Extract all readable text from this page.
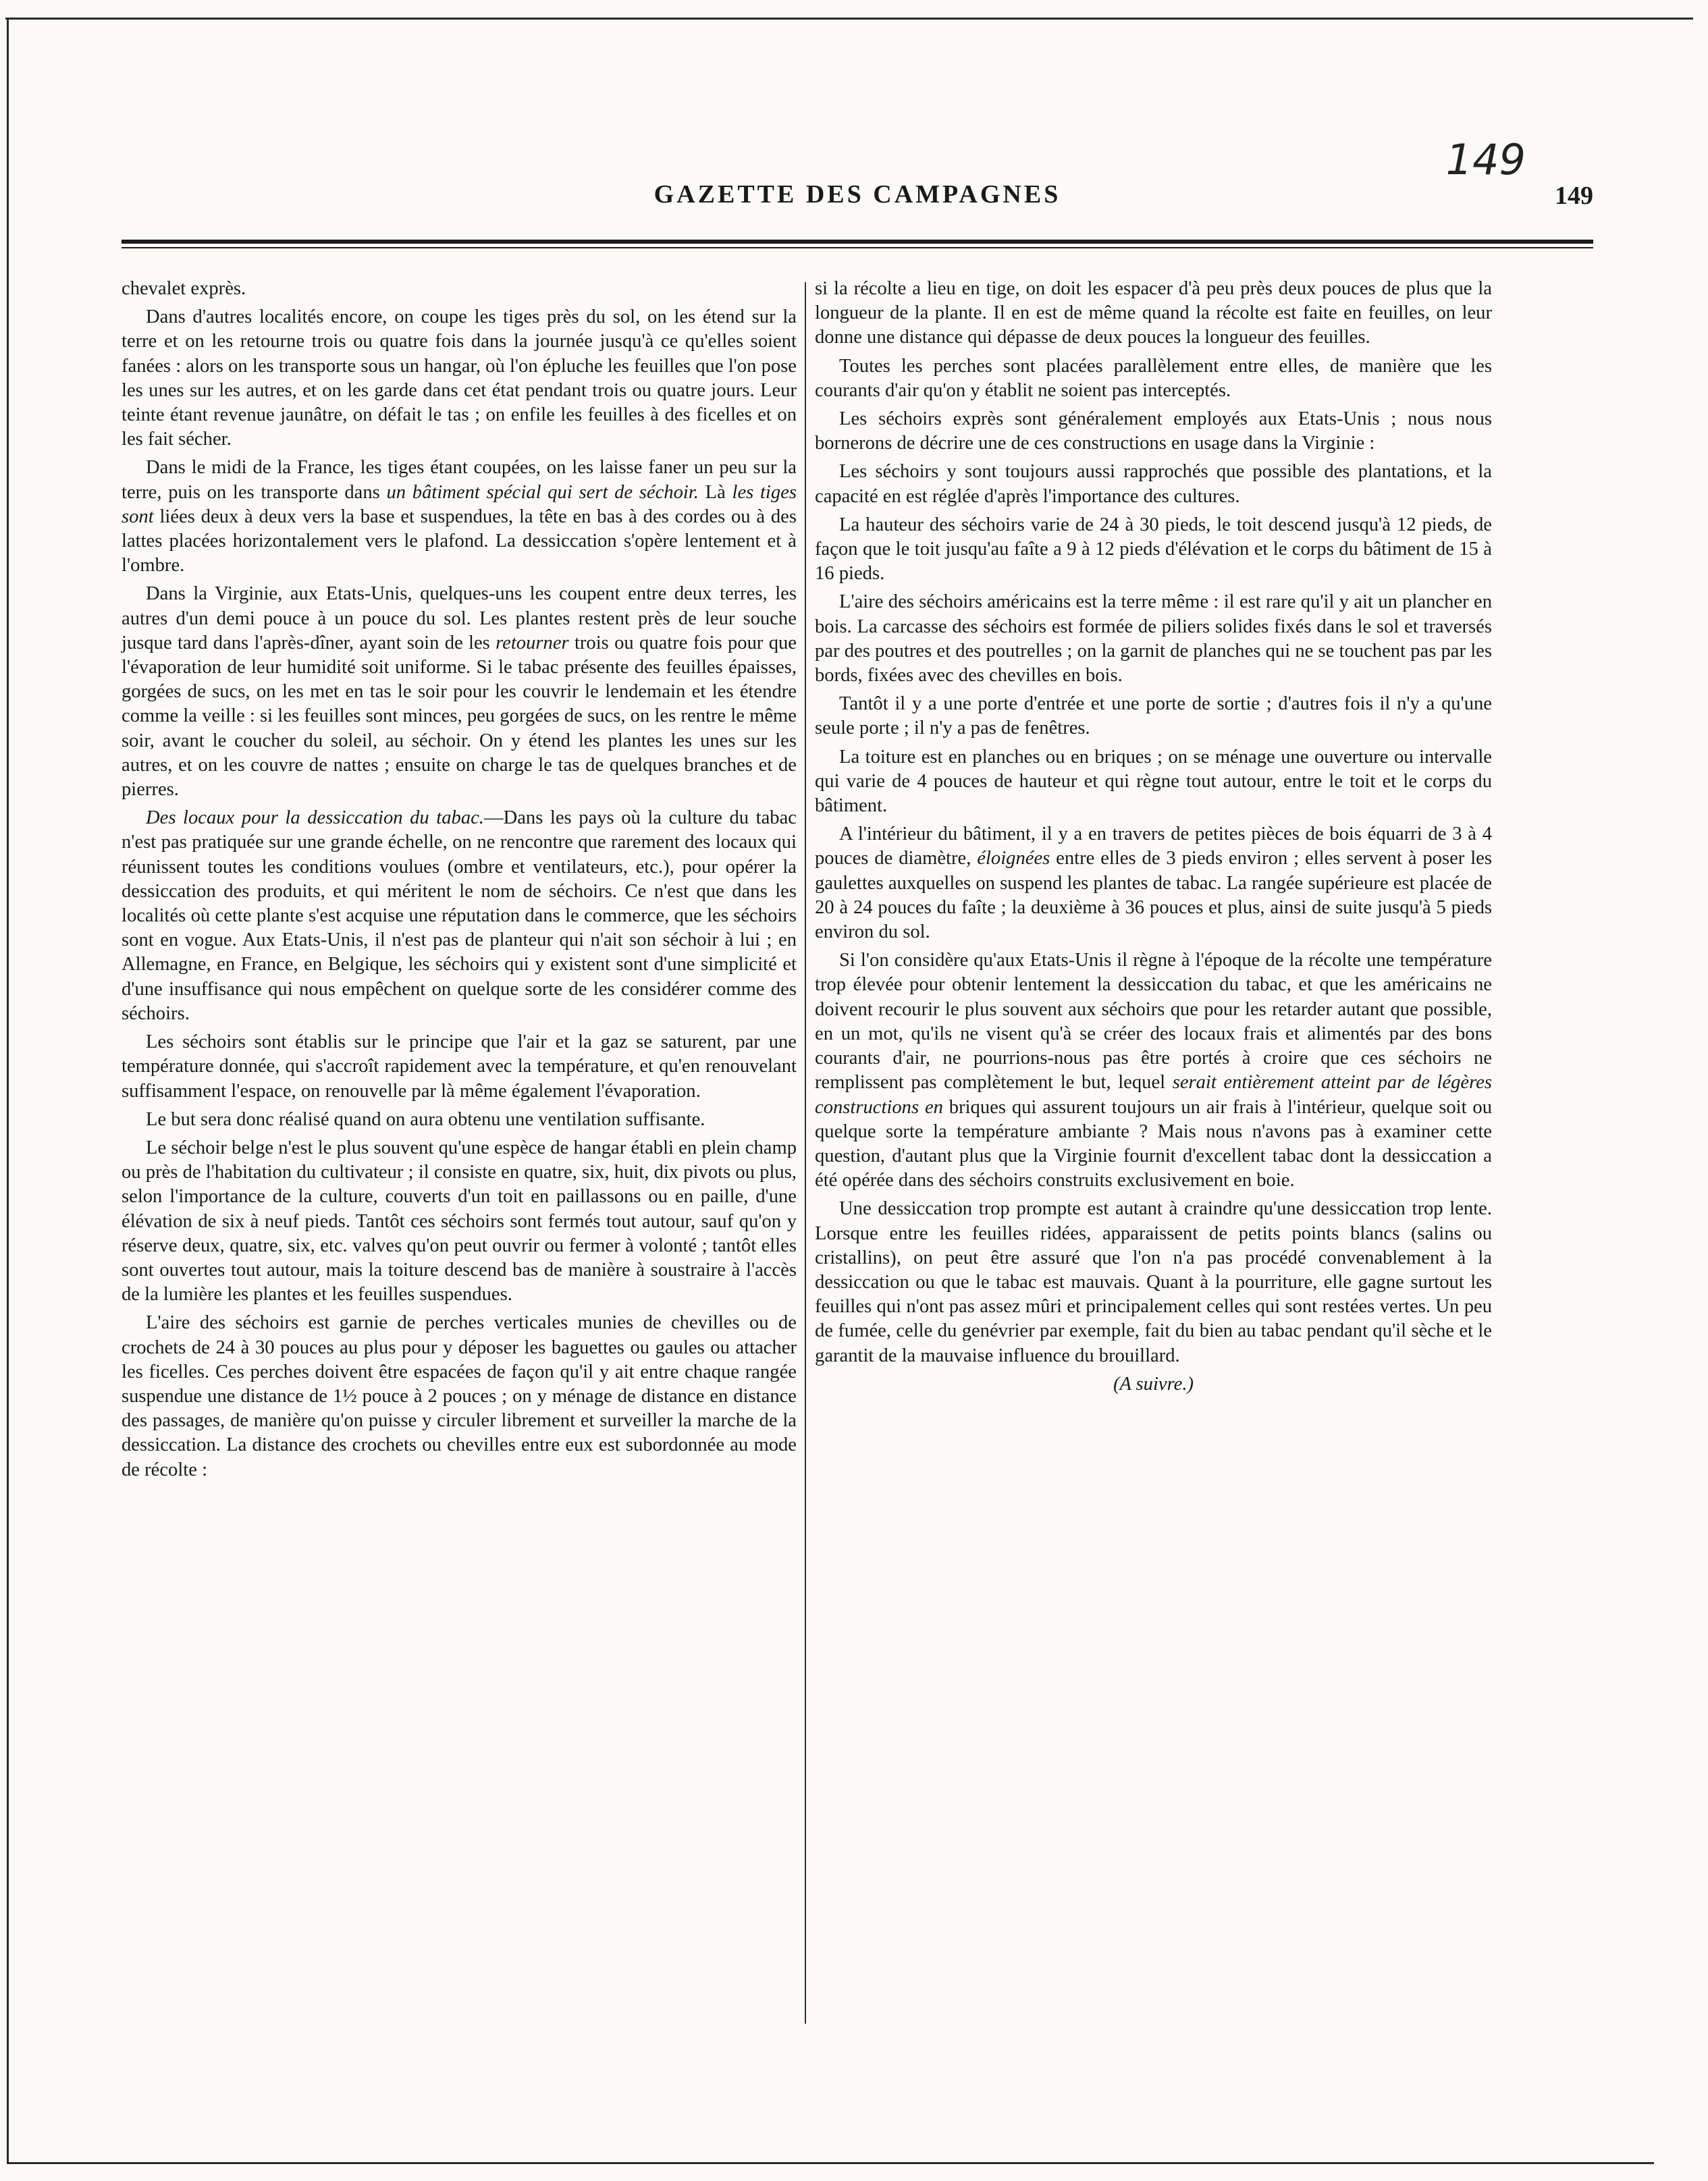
149
GAZETTE DES CAMPAGNES	149

chevalet exprès.

Dans d'autres localités encore, on coupe les tiges près du sol, on les étend sur la terre et on les retourne trois ou quatre fois dans la journée jusqu'à ce qu'elles soient fanées : alors on les transporte sous un hangar, où l'on épluche les feuilles que l'on pose les unes sur les autres, et on les garde dans cet état pendant trois ou quatre jours. Leur teinte étant revenue jaunâtre, on défait le tas ; on enfile les feuilles à des ficelles et on les fait sécher.

Dans le midi de la France, les tiges étant coupées, on les laisse faner un peu sur la terre, puis on les transporte dans un bâtiment spécial qui sert de séchoir. Là les tiges sont liées deux à deux vers la base et suspendues, la tête en bas à des cordes ou à des lattes placées horizontalement vers le plafond. La dessiccation s'opère lentement et à l'ombre.

Dans la Virginie, aux Etats-Unis, quelques-uns les coupent entre deux terres, les autres d'un demi pouce à un pouce du sol. Les plantes restent près de leur souche jusque tard dans l'après-dîner, ayant soin de les retourner trois ou quatre fois pour que l'évaporation de leur humidité soit uniforme. Si le tabac présente des feuilles épaisses, gorgées de sucs, on les met en tas le soir pour les couvrir le lendemain et les étendre comme la veille : si les feuilles sont minces, peu gorgées de sucs, on les rentre le même soir, avant le coucher du soleil, au séchoir. On y étend les plantes les unes sur les autres, et on les couvre de nattes ; ensuite on charge le tas de quelques branches et de pierres.

Des locaux pour la dessiccation du tabac.—Dans les pays où la culture du tabac n'est pas pratiquée sur une grande échelle, on ne rencontre que rarement des locaux qui réunissent toutes les conditions voulues (ombre et ventilateurs, etc.), pour opérer la dessiccation des produits, et qui méritent le nom de séchoirs. Ce n'est que dans les localités où cette plante s'est acquise une réputation dans le commerce, que les séchoirs sont en vogue. Aux Etats-Unis, il n'est pas de planteur qui n'ait son séchoir à lui ; en Allemagne, en France, en Belgique, les séchoirs qui y existent sont d'une simplicité et d'une insuffisance qui nous empêchent on quelque sorte de les considérer comme des séchoirs.

Les séchoirs sont établis sur le principe que l'air et la gaz se saturent, par une température donnée, qui s'accroît rapidement avec la température, et qu'en renouvelant suffisamment l'espace, on renouvelle par là même également l'évaporation.

Le but sera donc réalisé quand on aura obtenu une ventilation suffisante.

Le séchoir belge n'est le plus souvent qu'une espèce de hangar établi en plein champ ou près de l'habitation du cultivateur ; il consiste en quatre, six, huit, dix pivots ou plus, selon l'importance de la culture, couverts d'un toit en paillassons ou en paille, d'une élévation de six à neuf pieds. Tantôt ces séchoirs sont fermés tout autour, sauf qu'on y réserve deux, quatre, six, etc. valves qu'on peut ouvrir ou fermer à volonté ; tantôt elles sont ouvertes tout autour, mais la toiture descend bas de manière à soustraire à l'accès de la lumière les plantes et les feuilles suspendues.

L'aire des séchoirs est garnie de perches verticales munies de chevilles ou de crochets de 24 à 30 pouces au plus pour y déposer les baguettes ou gaules ou attacher les ficelles. Ces perches doivent être espacées de façon qu'il y ait entre chaque rangée suspendue une distance de 1½ pouce à 2 pouces ; on y ménage de distance en distance des passages, de manière qu'on puisse y circuler librement et surveiller la marche de la dessiccation. La distance des crochets ou chevilles entre eux est subordonnée au mode de récolte :

si la récolte a lieu en tige, on doit les espacer d'à peu près deux pouces de plus que la longueur de la plante. Il en est de même quand la récolte est faite en feuilles, on leur donne une distance qui dépasse de deux pouces la longueur des feuilles.

Toutes les perches sont placées parallèlement entre elles, de manière que les courants d'air qu'on y établit ne soient pas interceptés.

Les séchoirs exprès sont généralement employés aux Etats-Unis ; nous nous bornerons de décrire une de ces constructions en usage dans la Virginie :

Les séchoirs y sont toujours aussi rapprochés que possible des plantations, et la capacité en est réglée d'après l'importance des cultures.

La hauteur des séchoirs varie de 24 à 30 pieds, le toit descend jusqu'à 12 pieds, de façon que le toit jusqu'au faîte a 9 à 12 pieds d'élévation et le corps du bâtiment de 15 à 16 pieds.

L'aire des séchoirs américains est la terre même : il est rare qu'il y ait un plancher en bois. La carcasse des séchoirs est formée de piliers solides fixés dans le sol et traversés par des poutres et des poutrelles ; on la garnit de planches qui ne se touchent pas par les bords, fixées avec des chevilles en bois.

Tantôt il y a une porte d'entrée et une porte de sortie ; d'autres fois il n'y a qu'une seule porte ; il n'y a pas de fenêtres.

La toiture est en planches ou en briques ; on se ménage une ouverture ou intervalle qui varie de 4 pouces de hauteur et qui règne tout autour, entre le toit et le corps du bâtiment.

A l'intérieur du bâtiment, il y a en travers de petites pièces de bois équarri de 3 à 4 pouces de diamètre, éloignées entre elles de 3 pieds environ ; elles servent à poser les gaulettes auxquelles on suspend les plantes de tabac. La rangée supérieure est placée de 20 à 24 pouces du faîte ; la deuxième à 36 pouces et plus, ainsi de suite jusqu'à 5 pieds environ du sol.

Si l'on considère qu'aux Etats-Unis il règne à l'époque de la récolte une température trop élevée pour obtenir lentement la dessiccation du tabac, et que les américains ne doivent recourir le plus souvent aux séchoirs que pour les retarder autant que possible, en un mot, qu'ils ne visent qu'à se créer des locaux frais et alimentés par des bons courants d'air, ne pourrions-nous pas être portés à croire que ces séchoirs ne remplissent pas complètement le but, lequel serait entièrement atteint par de légères constructions en briques qui assurent toujours un air frais à l'intérieur, quelque soit ou quelque sorte la température ambiante ? Mais nous n'avons pas à examiner cette question, d'autant plus que la Virginie fournit d'excellent tabac dont la dessiccation a été opérée dans des séchoirs construits exclusivement en boie.

Une dessiccation trop prompte est autant à craindre qu'une dessiccation trop lente. Lorsque entre les feuilles ridées, apparaissent de petits points blancs (salins ou cristallins), on peut être assuré que l'on n'a pas procédé convenablement à la dessiccation ou que le tabac est mauvais. Quant à la pourriture, elle gagne surtout les feuilles qui n'ont pas assez mûri et principalement celles qui sont restées vertes. Un peu de fumée, celle du genévrier par exemple, fait du bien au tabac pendant qu'il sèche et le garantit de la mauvaise influence du brouillard.

(A suivre.)
